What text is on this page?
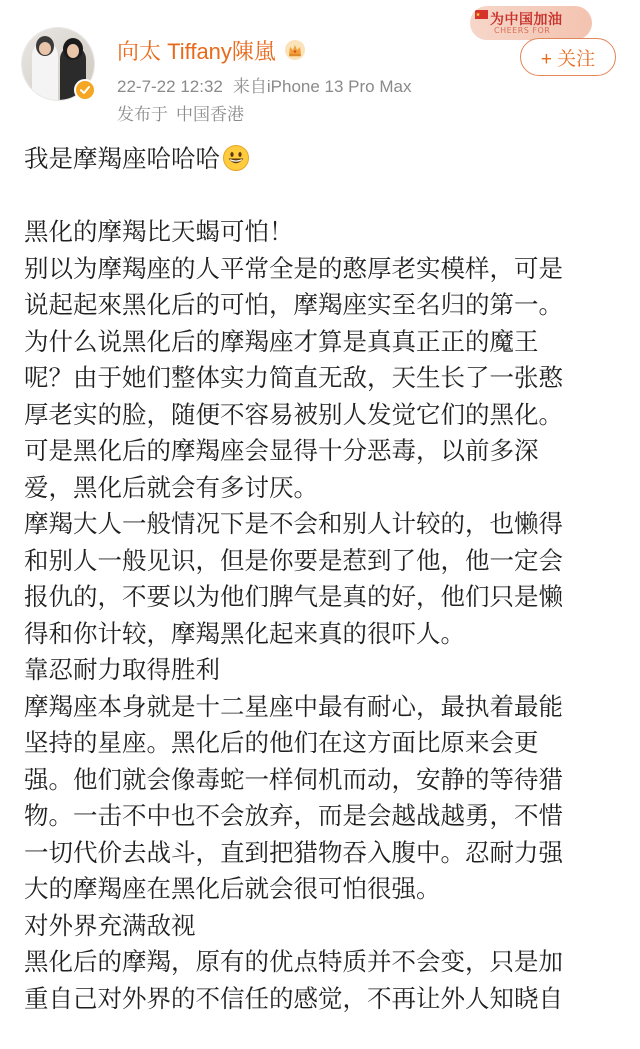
向太 Tiffany陳嵐
22-7-22 12:32 来自iPhone 13 Pro Max
发布于 中国香港
为中国加油
CHEERS FOR
+ 关注
我是摩羯座哈哈哈
黑化的摩羯比天蝎可怕！
别以为摩羯座的人平常全是的憨厚老实模样，可是
说起起來黑化后的可怕，摩羯座实至名归的第一。
为什么说黑化后的摩羯座才算是真真正正的魔王
呢？由于她们整体实力简直无敌，天生长了一张憨
厚老实的脸，随便不容易被别人发觉它们的黑化。
可是黑化后的摩羯座会显得十分恶毒，以前多深
爱，黑化后就会有多讨厌。
摩羯大人一般情况下是不会和别人计较的，也懒得
和别人一般见识，但是你要是惹到了他，他一定会
报仇的，不要以为他们脾气是真的好，他们只是懒
得和你计较，摩羯黑化起来真的很吓人。
靠忍耐力取得胜利
摩羯座本身就是十二星座中最有耐心，最执着最能
坚持的星座。黑化后的他们在这方面比原来会更
强。他们就会像毒蛇一样伺机而动，安静的等待猎
物。一击不中也不会放弃，而是会越战越勇，不惜
一切代价去战斗，直到把猎物吞入腹中。忍耐力强
大的摩羯座在黑化后就会很可怕很强。
对外界充满敌视
黑化后的摩羯，原有的优点特质并不会变，只是加
重自己对外界的不信任的感觉，不再让外人知晓自
